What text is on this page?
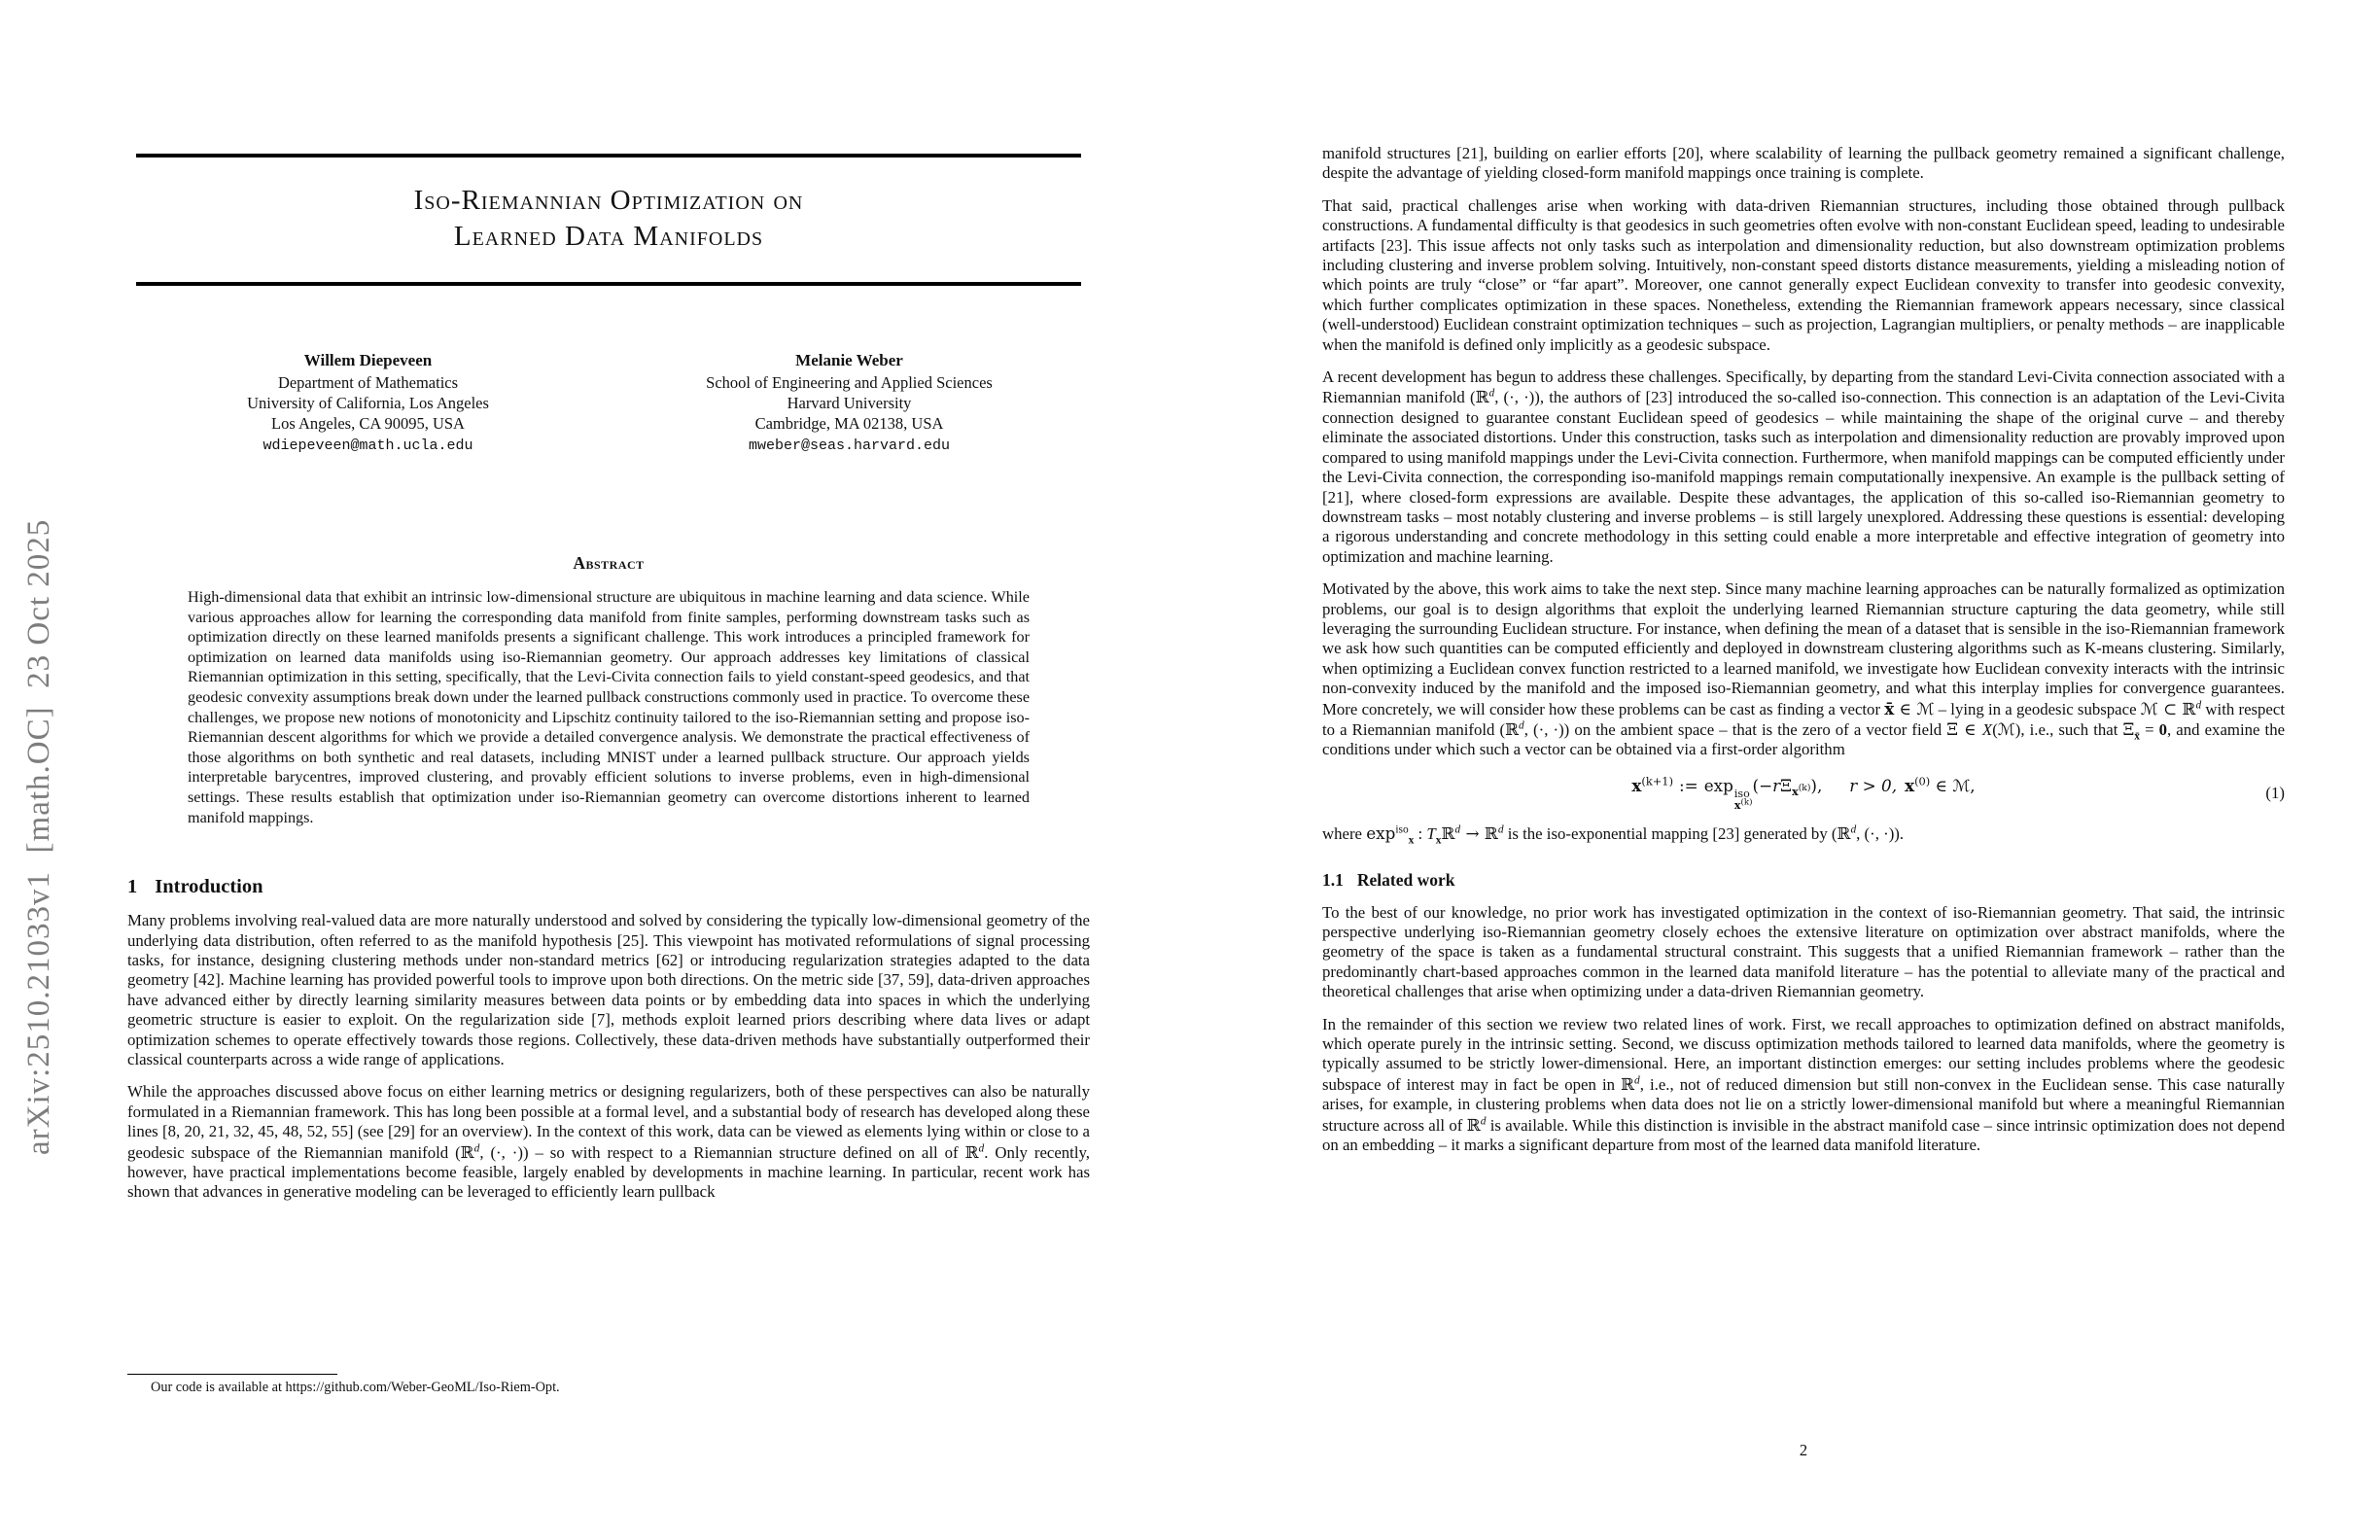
arXiv:2510.21033v1  [math.OC]  23 Oct 2025
Iso-Riemannian Optimization on
Learned Data Manifolds
Willem Diepeveen
Department of Mathematics
University of California, Los Angeles
Los Angeles, CA 90095, USA
wdiepeveen@math.ucla.edu
Melanie Weber
School of Engineering and Applied Sciences
Harvard University
Cambridge, MA 02138, USA
mweber@seas.harvard.edu
Abstract
High-dimensional data that exhibit an intrinsic low-dimensional structure are ubiquitous in machine learning and data science. While various approaches allow for learning the corresponding data manifold from finite samples, performing downstream tasks such as optimization directly on these learned manifolds presents a significant challenge. This work introduces a principled framework for optimization on learned data manifolds using iso-Riemannian geometry. Our approach addresses key limitations of classical Riemannian optimization in this setting, specifically, that the Levi-Civita connection fails to yield constant-speed geodesics, and that geodesic convexity assumptions break down under the learned pullback constructions commonly used in practice. To overcome these challenges, we propose new notions of monotonicity and Lipschitz continuity tailored to the iso-Riemannian setting and propose iso-Riemannian descent algorithms for which we provide a detailed convergence analysis. We demonstrate the practical effectiveness of those algorithms on both synthetic and real datasets, including MNIST under a learned pullback structure. Our approach yields interpretable barycentres, improved clustering, and provably efficient solutions to inverse problems, even in high-dimensional settings. These results establish that optimization under iso-Riemannian geometry can overcome distortions inherent to learned manifold mappings.
1 Introduction

Many problems involving real-valued data are more naturally understood and solved by considering the typically low-dimensional geometry of the underlying data distribution, often referred to as the manifold hypothesis [25]. This viewpoint has motivated reformulations of signal processing tasks, for instance, designing clustering methods under non-standard metrics [62] or introducing regularization strategies adapted to the data geometry [42]. Machine learning has provided powerful tools to improve upon both directions. On the metric side [37, 59], data-driven approaches have advanced either by directly learning similarity measures between data points or by embedding data into spaces in which the underlying geometric structure is easier to exploit. On the regularization side [7], methods exploit learned priors describing where data lives or adapt optimization schemes to operate effectively towards those regions. Collectively, these data-driven methods have substantially outperformed their classical counterparts across a wide range of applications.

While the approaches discussed above focus on either learning metrics or designing regularizers, both of these perspectives can also be naturally formulated in a Riemannian framework. This has long been possible at a formal level, and a substantial body of research has developed along these lines [8, 20, 21, 32, 45, 48, 52, 55] (see [29] for an overview). In the context of this work, data can be viewed as elements lying within or close to a geodesic subspace of the Riemannian manifold (ℝ$^d$, (·, ·)) – so with respect to a Riemannian structure defined on all of ℝ$^d$. Only recently, however, have practical implementations become feasible, largely enabled by developments in machine learning. In particular, recent work has shown that advances in generative modeling can be leveraged to efficiently learn pullback

Our code is available at https://github.com/Weber-GeoML/Iso-Riem-Opt.

manifold structures [21], building on earlier efforts [20], where scalability of learning the pullback geometry remained a significant challenge, despite the advantage of yielding closed-form manifold mappings once training is complete.

That said, practical challenges arise when working with data-driven Riemannian structures, including those obtained through pullback constructions. A fundamental difficulty is that geodesics in such geometries often evolve with non-constant Euclidean speed, leading to undesirable artifacts [23]. This issue affects not only tasks such as interpolation and dimensionality reduction, but also downstream optimization problems including clustering and inverse problem solving. Intuitively, non-constant speed distorts distance measurements, yielding a misleading notion of which points are truly “close” or “far apart”. Moreover, one cannot generally expect Euclidean convexity to transfer into geodesic convexity, which further complicates optimization in these spaces. Nonetheless, extending the Riemannian framework appears necessary, since classical (well-understood) Euclidean constraint optimization techniques – such as projection, Lagrangian multipliers, or penalty methods – are inapplicable when the manifold is defined only implicitly as a geodesic subspace.

A recent development has begun to address these challenges. Specifically, by departing from the standard Levi-Civita connection associated with a Riemannian manifold (ℝ$^d$, (·, ·)), the authors of [23] introduced the so-called iso-connection. This connection is an adaptation of the Levi-Civita connection designed to guarantee constant Euclidean speed of geodesics – while maintaining the shape of the original curve – and thereby eliminate the associated distortions. Under this construction, tasks such as interpolation and dimensionality reduction are provably improved upon compared to using manifold mappings under the Levi-Civita connection. Furthermore, when manifold mappings can be computed efficiently under the Levi-Civita connection, the corresponding iso-manifold mappings remain computationally inexpensive. An example is the pullback setting of [21], where closed-form expressions are available. Despite these advantages, the application of this so-called iso-Riemannian geometry to downstream tasks – most notably clustering and inverse problems – is still largely unexplored. Addressing these questions is essential: developing a rigorous understanding and concrete methodology in this setting could enable a more interpretable and effective integration of geometry into optimization and machine learning.

Motivated by the above, this work aims to take the next step. Since many machine learning approaches can be naturally formalized as optimization problems, our goal is to design algorithms that exploit the underlying learned Riemannian structure capturing the data geometry, while still leveraging the surrounding Euclidean structure. For instance, when defining the mean of a dataset that is sensible in the iso-Riemannian framework we ask how such quantities can be computed efficiently and deployed in downstream clustering algorithms such as K-means clustering. Similarly, when optimizing a Euclidean convex function restricted to a learned manifold, we investigate how Euclidean convexity interacts with the intrinsic non-convexity induced by the manifold and the imposed iso-Riemannian geometry, and what this interplay implies for convergence guarantees. More concretely, we will consider how these problems can be cast as finding a vector x̄ ∈ ℳ – lying in a geodesic subspace ℳ ⊂ ℝ$^d$ with respect to a Riemannian manifold (ℝ$^d$, (·, ·)) on the ambient space – that is the zero of a vector field Ξ ∈ X(ℳ), i.e., such that $\Xi_{x̄} = 0$, and examine the conditions under which such a vector can be obtained via a first-order algorithm

$x^{(k+1)}$ := exp iso
$x^{(k)}$
$(-r\Xi_{x^{(k)}})$, r > 0, $x^{(0)}$ ∈ ℳ,	(1)

where $\exp^{iso}_x$ : $T_xℝ^d$ → ℝ$^d$ is the iso-exponential mapping [23] generated by (ℝ$^d$, (·, ·)).

1.1 Related work

To the best of our knowledge, no prior work has investigated optimization in the context of iso-Riemannian geometry. That said, the intrinsic perspective underlying iso-Riemannian geometry closely echoes the extensive literature on optimization over abstract manifolds, where the geometry of the space is taken as a fundamental structural constraint. This suggests that a unified Riemannian framework – rather than the predominantly chart-based approaches common in the learned data manifold literature – has the potential to alleviate many of the practical and theoretical challenges that arise when optimizing under a data-driven Riemannian geometry.

In the remainder of this section we review two related lines of work. First, we recall approaches to optimization defined on abstract manifolds, which operate purely in the intrinsic setting. Second, we discuss optimization methods tailored to learned data manifolds, where the geometry is typically assumed to be strictly lower-dimensional. Here, an important distinction emerges: our setting includes problems where the geodesic subspace of interest may in fact be open in ℝ$^d$, i.e., not of reduced dimension but still non-convex in the Euclidean sense. This case naturally arises, for example, in clustering problems when data does not lie on a strictly lower-dimensional manifold but where a meaningful Riemannian structure across all of ℝ$^d$ is available. While this distinction is invisible in the abstract manifold case – since intrinsic optimization does not depend on an embedding – it marks a significant departure from most of the learned data manifold literature.

2
